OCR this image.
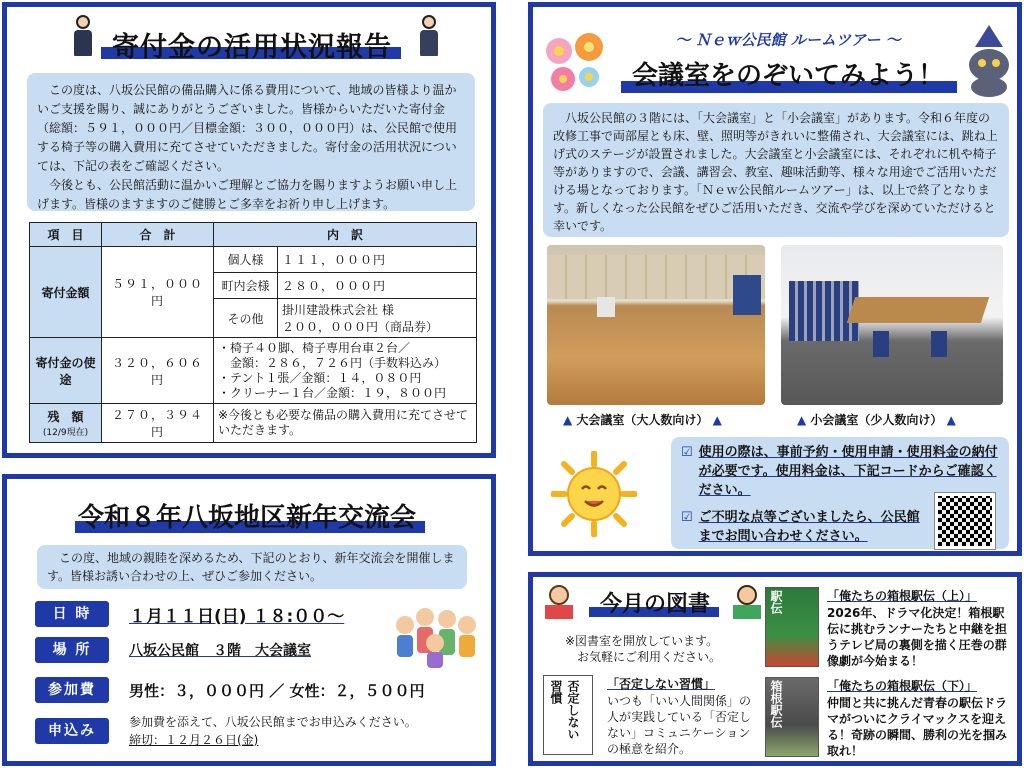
寄付金の活用状況報告

この度は、八坂公民館の備品購入に係る費用について、地域の皆様より温かいご支援を賜り、誠にありがとうございました。皆様からいただいた寄付金（総額：５９１，０００円／目標金額：３００，０００円）は、公民館で使用する椅子等の購入費用に充てさせていただきました。寄付金の活用状況については、下記の表をご確認ください。

今後とも、公民館活動に温かいご理解とご協力を賜りますようお願い申し上げます。皆様のますますのご健勝とご多幸をお祈り申し上げます。

項　目	合　計	内　訳	
寄付金額	５９１，０００円	個人様	１１１，０００円
		町内会様	２８０，０００円
		その他	掛川建設株式会社 様
２００，０００円（商品券）

寄付金の使途	３２０，６０６円	・椅子４０脚、椅子専用台車２台／
　金額：２８６，７２６円（手数料込み）
・テント１張／金額：１４，０８０円
・クリーナー１台／金額：１９，８００円	

残　額
(12/9現在)	２７０，３９４円	※今後とも必要な備品の購入費用に充てさせていただきます。	
～ Ｎｅｗ公民館 ルームツアー ～
会議室をのぞいてみよう！
八坂公民館の３階には、「大会議室」と「小会議室」があります。令和６年度の改修工事で両部屋とも床、壁、照明等がきれいに整備され、大会議室には、跳ね上げ式のステージが設置されました。大会議室と小会議室には、それぞれに机や椅子等がありますので、会議、講習会、教室、趣味活動等、様々な用途でご活用いただける場となっております。「Ｎｅｗ公民館ルームツアー」は、以上で終了となります。新しくなった公民館をぜひご活用いただき、交流や学びを深めていただけると幸いです。
▲ 大会議室（大人数向け） ▲	▲ 小会議室（少人数向け） ▲
☑ 使用の際は、事前予約・使用申請・使用料金の納付が必要です。使用料金は、下記コードからご確認ください。
☑ ご不明な点等ございましたら、公民館までお問い合わせください。
令和８年八坂地区新年交流会
この度、地域の親睦を深めるため、下記のとおり、新年交流会を開催します。皆様お誘い合わせの上、ぜひご参加ください。
日 時	１月１１日(日) １８:００～
場 所	八坂公民館　３階　大会議室
参加費	男性：３，０００円 ／ 女性：２，５００円
申込み
参加費を添えて、八坂公民館までお申込みください。
締切：１２月２６日(金)
今月の図書
※図書室を開放しています。
お気軽にご利用ください。
駅伝	「俺たちの箱根駅伝（上）」
2026年、ドラマ化決定！箱根駅伝に挑むランナーたちと中継を担うテレビ局の裏側を描く圧巻の群像劇が今始まる！
否定しない習慣	「否定しない習慣」
いつも「いい人間関係」の人が実践している「否定しない」コミュニケーションの極意を紹介。
箱根駅伝	「俺たちの箱根駅伝（下）」
仲間と共に挑んだ青春の駅伝ドラマがついにクライマックスを迎える！奇跡の瞬間、勝利の光を掴み取れ！
